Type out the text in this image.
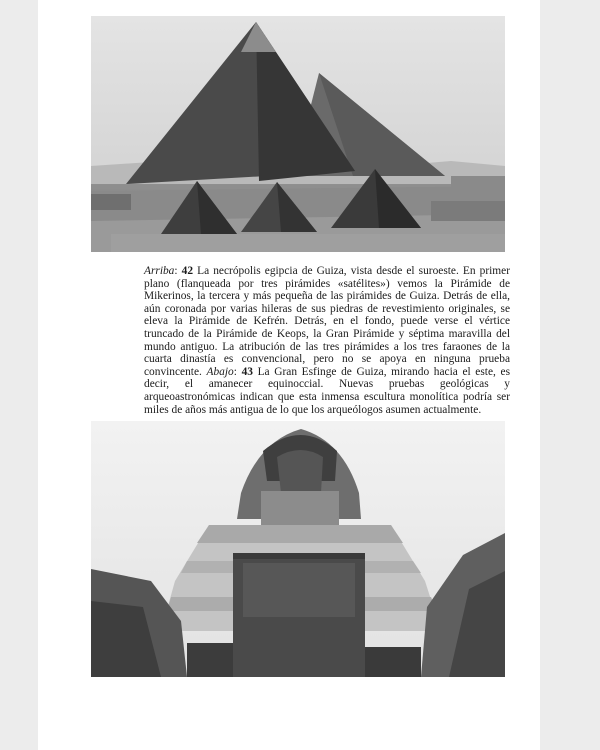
Arriba: 42 La necrópolis egipcia de Guiza, vista desde el suroeste. En primer plano (flanqueada por tres pirámides «satélites») vemos la Pirámide de Mikerinos, la tercera y más pequeña de las pirámides de Guiza. Detrás de ella, aún coronada por varias hileras de sus piedras de revestimiento originales, se eleva la Pirámide de Kefrén. Detrás, en el fondo, puede verse el vértice truncado de la Pirámide de Keops, la Gran Pirámide y séptima maravilla del mundo antiguo. La atribución de las tres pirámides a los tres faraones de la cuarta dinastía es convencional, pero no se apoya en ninguna prueba convincente. Abajo: 43 La Gran Esfinge de Guiza, mirando hacia el este, es decir, el amanecer equinoccial. Nuevas pruebas geológicas y arqueoastronómicas indican que esta inmensa escultura monolítica podría ser miles de años más antigua de lo que los arqueólogos asumen actualmente.
